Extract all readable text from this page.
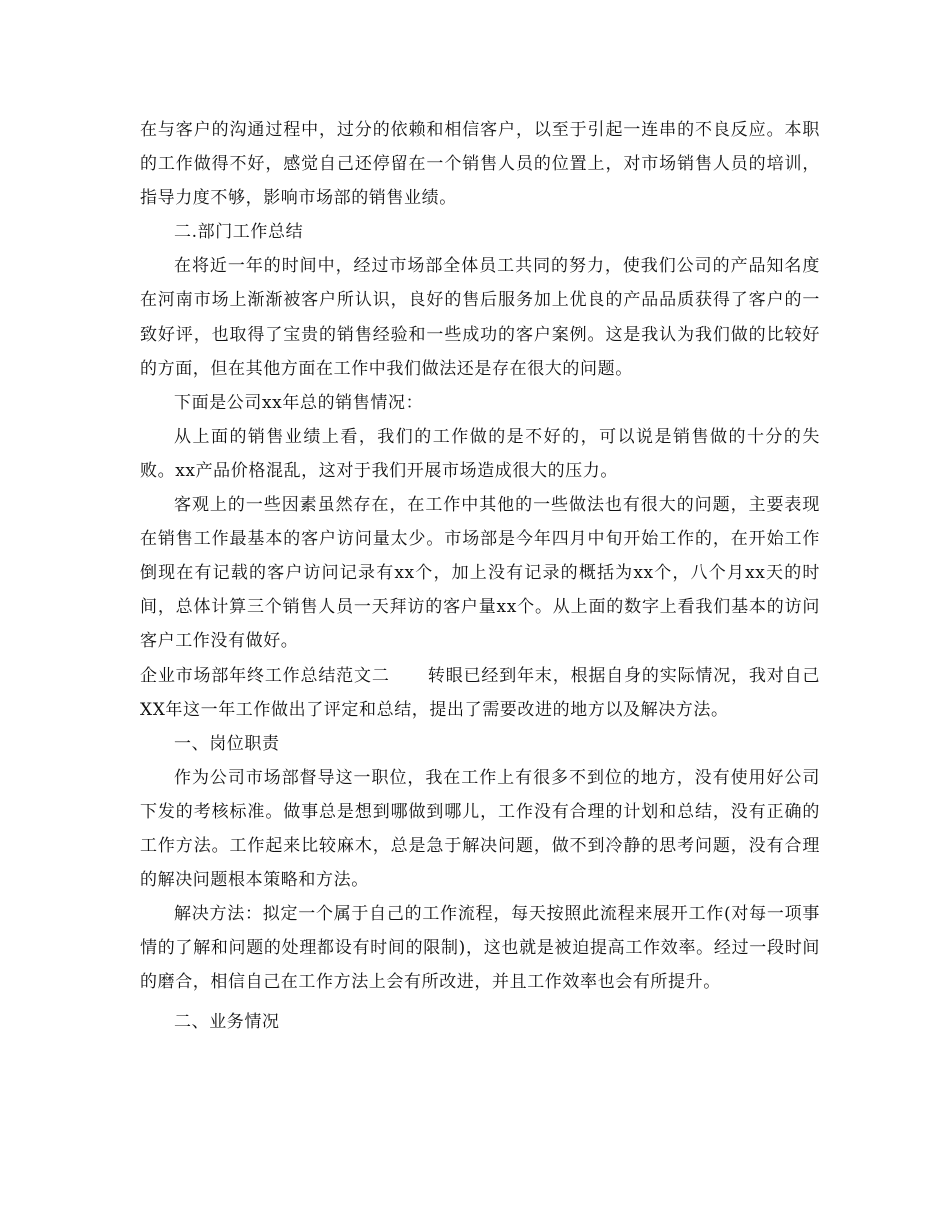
在与客户的沟通过程中，过分的依赖和相信客户，以至于引起一连串的不良反应。本职的工作做得不好，感觉自己还停留在一个销售人员的位置上，对市场销售人员的培训，指导力度不够，影响市场部的销售业绩。

二.部门工作总结

在将近一年的时间中，经过市场部全体员工共同的努力，使我们公司的产品知名度在河南市场上渐渐被客户所认识，良好的售后服务加上优良的产品品质获得了客户的一致好评，也取得了宝贵的销售经验和一些成功的客户案例。这是我认为我们做的比较好的方面，但在其他方面在工作中我们做法还是存在很大的问题。

下面是公司xx年总的销售情况：

从上面的销售业绩上看，我们的工作做的是不好的，可以说是销售做的十分的失败。xx产品价格混乱，这对于我们开展市场造成很大的压力。

客观上的一些因素虽然存在，在工作中其他的一些做法也有很大的问题，主要表现在销售工作最基本的客户访问量太少。市场部是今年四月中旬开始工作的，在开始工作倒现在有记载的客户访问记录有xx个，加上没有记录的概括为xx个，八个月xx天的时间，总体计算三个销售人员一天拜访的客户量xx个。从上面的数字上看我们基本的访问客户工作没有做好。

企业市场部年终工作总结范文二 转眼已经到年末，根据自身的实际情况，我对自己XX年这一年工作做出了评定和总结，提出了需要改进的地方以及解决方法。

一、岗位职责

作为公司市场部督导这一职位，我在工作上有很多不到位的地方，没有使用好公司下发的考核标准。做事总是想到哪做到哪儿，工作没有合理的计划和总结，没有正确的工作方法。工作起来比较麻木，总是急于解决问题，做不到冷静的思考问题，没有合理的解决问题根本策略和方法。

解决方法：拟定一个属于自己的工作流程，每天按照此流程来展开工作(对每一项事情的了解和问题的处理都设有时间的限制)，这也就是被迫提高工作效率。经过一段时间的磨合，相信自己在工作方法上会有所改进，并且工作效率也会有所提升。

二、业务情况
